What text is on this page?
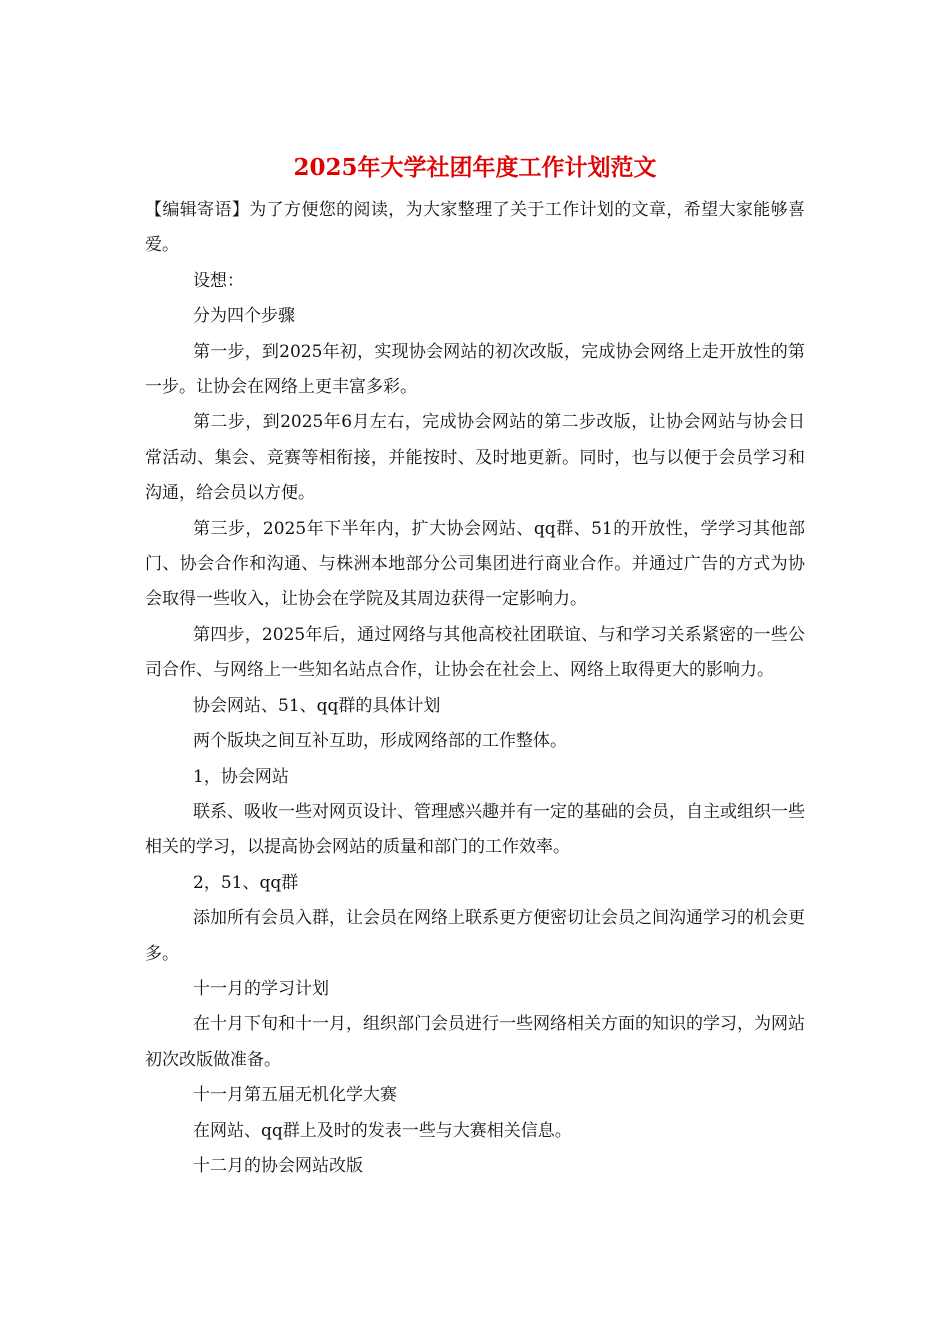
2025年大学社团年度工作计划范文

【编辑寄语】为了方便您的阅读，为大家整理了关于工作计划的文章，希望大家能够喜爱。

设想：

分为四个步骤

第一步，到2025年初，实现协会网站的初次改版，完成协会网络上走开放性的第一步。让协会在网络上更丰富多彩。

第二步，到2025年6月左右，完成协会网站的第二步改版，让协会网站与协会日常活动、集会、竞赛等相衔接，并能按时、及时地更新。同时，也与以便于会员学习和沟通，给会员以方便。

第三步，2025年下半年内，扩大协会网站、qq群、51的开放性，学学习其他部门、协会合作和沟通、与株洲本地部分公司集团进行商业合作。并通过广告的方式为协会取得一些收入，让协会在学院及其周边获得一定影响力。

第四步，2025年后，通过网络与其他高校社团联谊、与和学习关系紧密的一些公司合作、与网络上一些知名站点合作，让协会在社会上、网络上取得更大的影响力。

协会网站、51、qq群的具体计划

两个版块之间互补互助，形成网络部的工作整体。

1，协会网站

联系、吸收一些对网页设计、管理感兴趣并有一定的基础的会员，自主或组织一些相关的学习，以提高协会网站的质量和部门的工作效率。

2，51、qq群

添加所有会员入群，让会员在网络上联系更方便密切让会员之间沟通学习的机会更多。

十一月的学习计划

在十月下旬和十一月，组织部门会员进行一些网络相关方面的知识的学习，为网站初次改版做准备。

十一月第五届无机化学大赛

在网站、qq群上及时的发表一些与大赛相关信息。

十二月的协会网站改版
